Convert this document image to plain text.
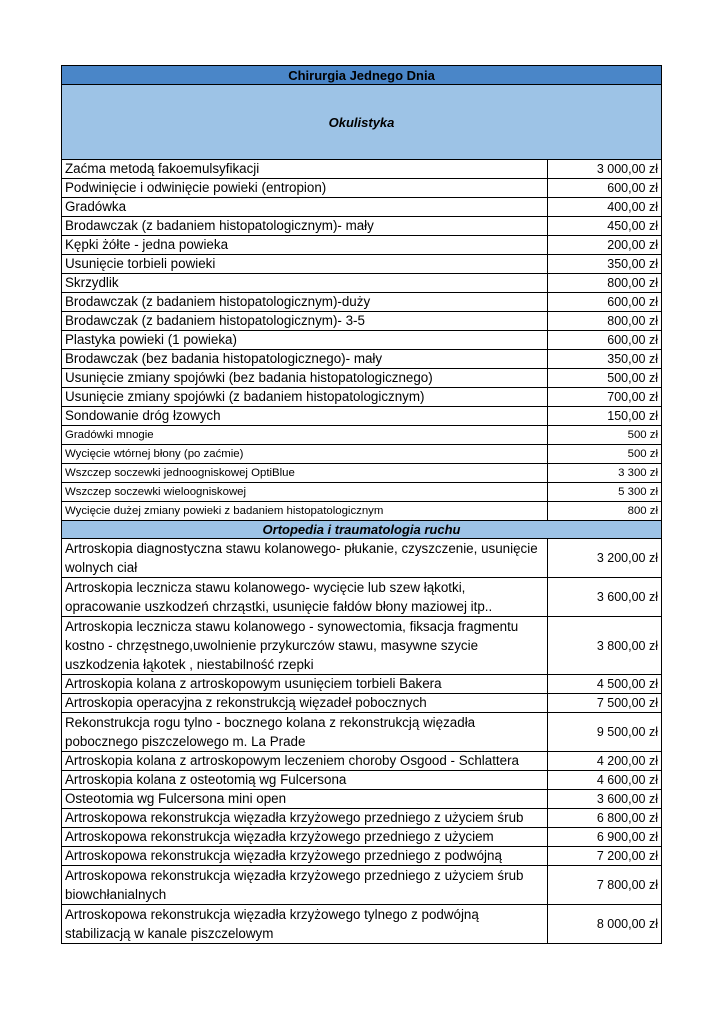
Chirurgia Jednego Dnia	
Okulistyka	
Zaćma metodą fakoemulsyfikacji	3 000,00 zł
Podwinięcie i odwinięcie powieki (entropion)	600,00 zł
Gradówka	400,00 zł
Brodawczak (z badaniem histopatologicznym)- mały	450,00 zł
Kępki żółte - jedna powieka	200,00 zł
Usunięcie torbieli powieki	350,00 zł
Skrzydlik	800,00 zł
Brodawczak (z badaniem histopatologicznym)-duży	600,00 zł
Brodawczak (z badaniem histopatologicznym)- 3-5	800,00 zł
Plastyka powieki (1 powieka)	600,00 zł
Brodawczak (bez badania histopatologicznego)- mały	350,00 zł
Usunięcie zmiany spojówki (bez badania histopatologicznego)	500,00 zł
Usunięcie zmiany spojówki (z badaniem histopatologicznym)	700,00 zł
Sondowanie dróg łzowych	150,00 zł
Gradówki mnogie	500 zł
Wycięcie wtórnej błony (po zaćmie)	500 zł
Wszczep soczewki jednoogniskowej OptiBlue	3 300 zł
Wszczep soczewki wieloogniskowej	5 300 zł
Wycięcie dużej zmiany powieki z badaniem histopatologicznym	800 zł
Ortopedia i traumatologia ruchu	
Artroskopia diagnostyczna stawu kolanowego- płukanie, czyszczenie, usunięcie wolnych ciał	3 200,00 zł
Artroskopia lecznicza stawu kolanowego- wycięcie lub szew łąkotki, opracowanie uszkodzeń chrząstki, usunięcie fałdów błony maziowej itp..	3 600,00 zł
Artroskopia lecznicza stawu kolanowego - synowectomia, fiksacja fragmentu kostno - chrzęstnego,uwolnienie przykurczów stawu, masywne szycie uszkodzenia łąkotek , niestabilność rzepki	3 800,00 zł
Artroskopia kolana z artroskopowym usunięciem torbieli Bakera	4 500,00 zł
Artroskopia operacyjna z rekonstrukcją więzadeł pobocznych	7 500,00 zł
Rekonstrukcja rogu tylno - bocznego kolana z rekonstrukcją więzadła pobocznego piszczelowego m. La Prade	9 500,00 zł
Artroskopia kolana z artroskopowym leczeniem choroby Osgood - Schlattera	4 200,00 zł
Artroskopia kolana z osteotomią wg Fulcersona	4 600,00 zł
Osteotomia wg Fulcersona mini open	3 600,00 zł
Artroskopowa rekonstrukcja więzadła krzyżowego przedniego z użyciem śrub	6 800,00 zł
Artroskopowa rekonstrukcja więzadła krzyżowego przedniego z użyciem	6 900,00 zł
Artroskopowa rekonstrukcja więzadła krzyżowego przedniego z podwójną	7 200,00 zł
Artroskopowa rekonstrukcja więzadła krzyżowego przedniego z użyciem śrub biowchłanialnych	7 800,00 zł
Artroskopowa rekonstrukcja więzadła krzyżowego tylnego z podwójną stabilizacją w kanale piszczelowym	8 000,00 zł
